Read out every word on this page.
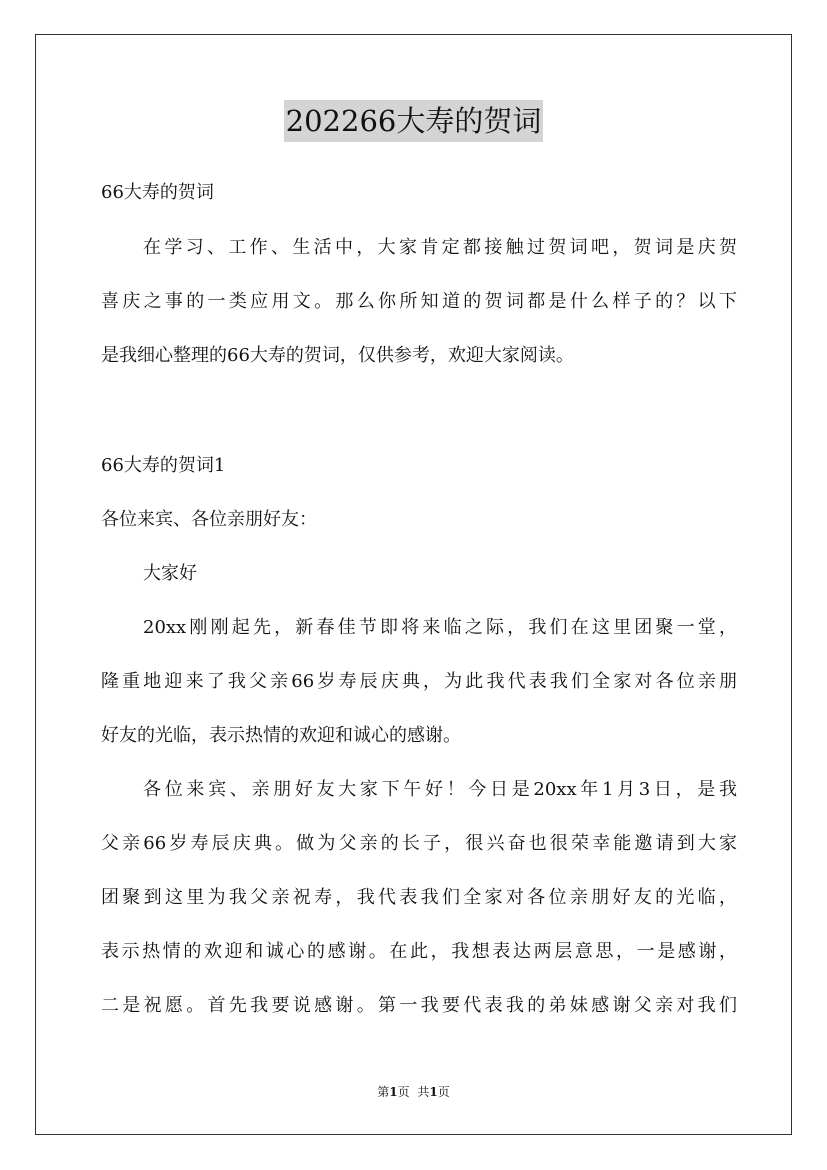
202266大寿的贺词
66大寿的贺词
在学习、工作、生活中，大家肯定都接触过贺词吧，贺词是庆贺
喜庆之事的一类应用文。那么你所知道的贺词都是什么样子的？以下
是我细心整理的66大寿的贺词，仅供参考，欢迎大家阅读。
66大寿的贺词1
各位来宾、各位亲朋好友：
大家好
20xx刚刚起先，新春佳节即将来临之际，我们在这里团聚一堂，
隆重地迎来了我父亲66岁寿辰庆典，为此我代表我们全家对各位亲朋
好友的光临，表示热情的欢迎和诚心的感谢。
各位来宾、亲朋好友大家下午好！今日是20xx年1月3日，是我
父亲66岁寿辰庆典。做为父亲的长子，很兴奋也很荣幸能邀请到大家
团聚到这里为我父亲祝寿，我代表我们全家对各位亲朋好友的光临，
表示热情的欢迎和诚心的感谢。在此，我想表达两层意思，一是感谢，
二是祝愿。首先我要说感谢。第一我要代表我的弟妹感谢父亲对我们
第1页 共1页
